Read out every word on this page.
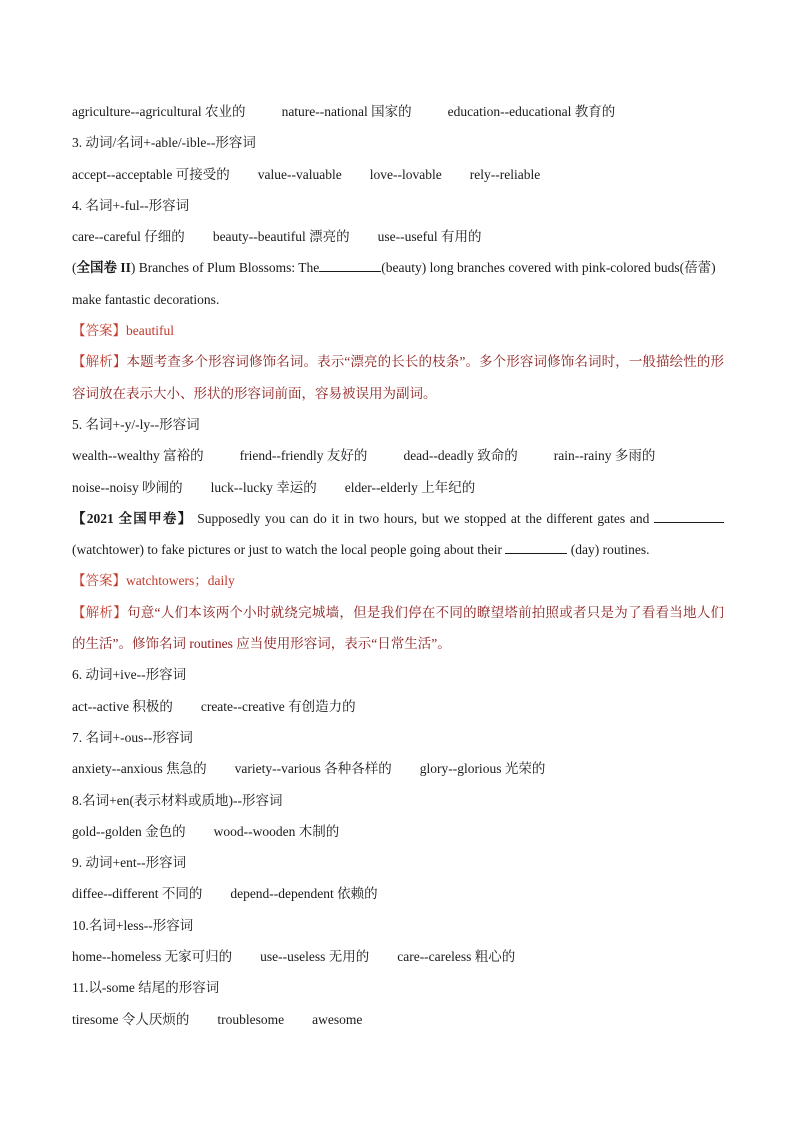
agriculture--agricultural 农业的	nature--national 国家的	education--educational 教育的
3. 动词/名词+-able/-ible--形容词
accept--acceptable 可接受的 value--valuable love--lovable rely--reliable
4. 名词+-ful--形容词
care--careful 仔细的 beauty--beautiful 漂亮的 use--useful 有用的
(全国卷 II) Branches of Plum Blossoms: The	(beauty) long branches covered with pink-colored buds(蓓蕾) make fantastic decorations.
【答案】beautiful
【解析】本题考查多个形容词修饰名词。表示“漂亮的长长的枝条”。多个形容词修饰名词时，一般描绘性的形容词放在表示大小、形状的形容词前面，容易被误用为副词。
5. 名词+-y/-ly--形容词
wealth--wealthy 富裕的	friend--friendly 友好的	dead--deadly 致命的	rain--rainy 多雨的
noise--noisy 吵闹的 luck--lucky 幸运的 elder--elderly 上年纪的
【2021 全国甲卷】 Supposedly you can do it in two hours, but we stopped at the different gates and  (watchtower) to fake pictures or just to watch the local people going about their	(day) routines.
【答案】watchtowers；daily
【解析】句意“人们本该两个小时就绕完城墙，但是我们停在不同的瞭望塔前拍照或者只是为了看看当地人们的生活”。修饰名词 routines 应当使用形容词，表示“日常生活”。
6. 动词+ive--形容词
act--active 积极的 create--creative 有创造力的
7. 名词+-ous--形容词
anxiety--anxious 焦急的 variety--various 各种各样的 glory--glorious 光荣的
8.名词+en(表示材料或质地)--形容词
gold--golden 金色的 wood--wooden 木制的
9. 动词+ent--形容词
diffee--different 不同的 depend--dependent 依赖的
10.名词+less--形容词
home--homeless 无家可归的 use--useless 无用的 care--careless 粗心的
11.以-some 结尾的形容词
tiresome 令人厌烦的 troublesome awesome
